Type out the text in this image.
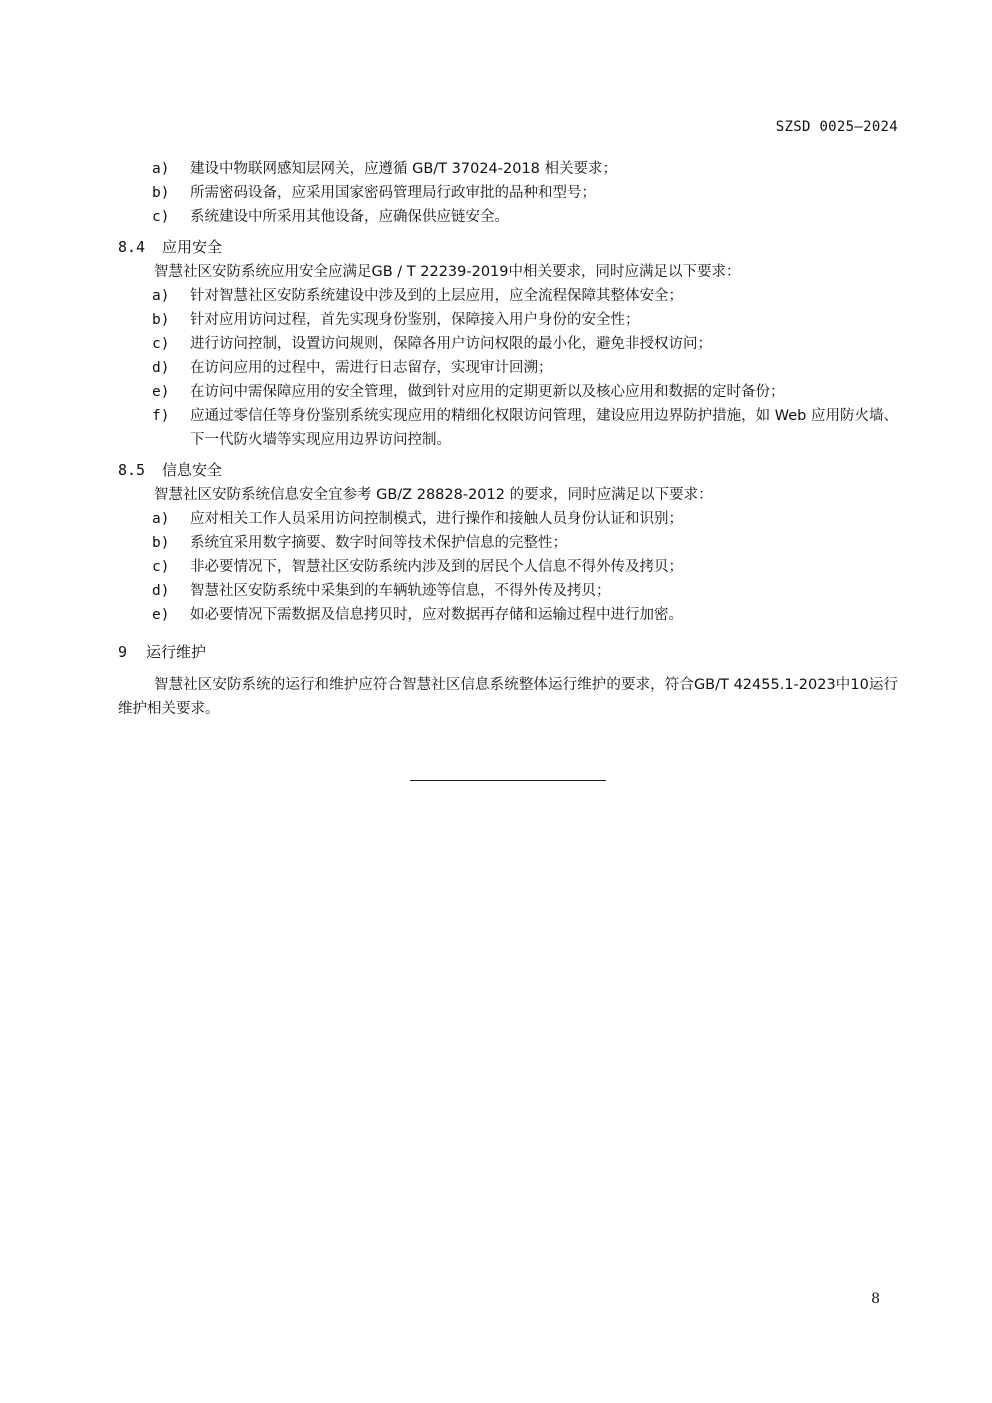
SZSD 0025—2024
a) 建设中物联网感知层网关，应遵循 GB/T 37024-2018 相关要求；
b) 所需密码设备，应采用国家密码管理局行政审批的品种和型号；
c) 系统建设中所采用其他设备，应确保供应链安全。
8.4 应用安全
智慧社区安防系统应用安全应满足GB / T 22239-2019中相关要求，同时应满足以下要求：
a) 针对智慧社区安防系统建设中涉及到的上层应用，应全流程保障其整体安全；
b) 针对应用访问过程，首先实现身份鉴别，保障接入用户身份的安全性；
c) 进行访问控制，设置访问规则，保障各用户访问权限的最小化，避免非授权访问；
d) 在访问应用的过程中，需进行日志留存，实现审计回溯；
e) 在访问中需保障应用的安全管理，做到针对应用的定期更新以及核心应用和数据的定时备份；
f) 应通过零信任等身份鉴别系统实现应用的精细化权限访问管理，建设应用边界防护措施，如 Web 应用防火墙、下一代防火墙等实现应用边界访问控制。
8.5 信息安全
智慧社区安防系统信息安全宜参考 GB/Z 28828-2012 的要求，同时应满足以下要求：
a) 应对相关工作人员采用访问控制模式，进行操作和接触人员身份认证和识别；
b) 系统宜采用数字摘要、数字时间等技术保护信息的完整性；
c) 非必要情况下，智慧社区安防系统内涉及到的居民个人信息不得外传及拷贝；
d) 智慧社区安防系统中采集到的车辆轨迹等信息，不得外传及拷贝；
e) 如必要情况下需数据及信息拷贝时，应对数据再存储和运输过程中进行加密。
9 运行维护
智慧社区安防系统的运行和维护应符合智慧社区信息系统整体运行维护的要求，符合GB/T 42455.1-2023中10运行维护相关要求。
8
